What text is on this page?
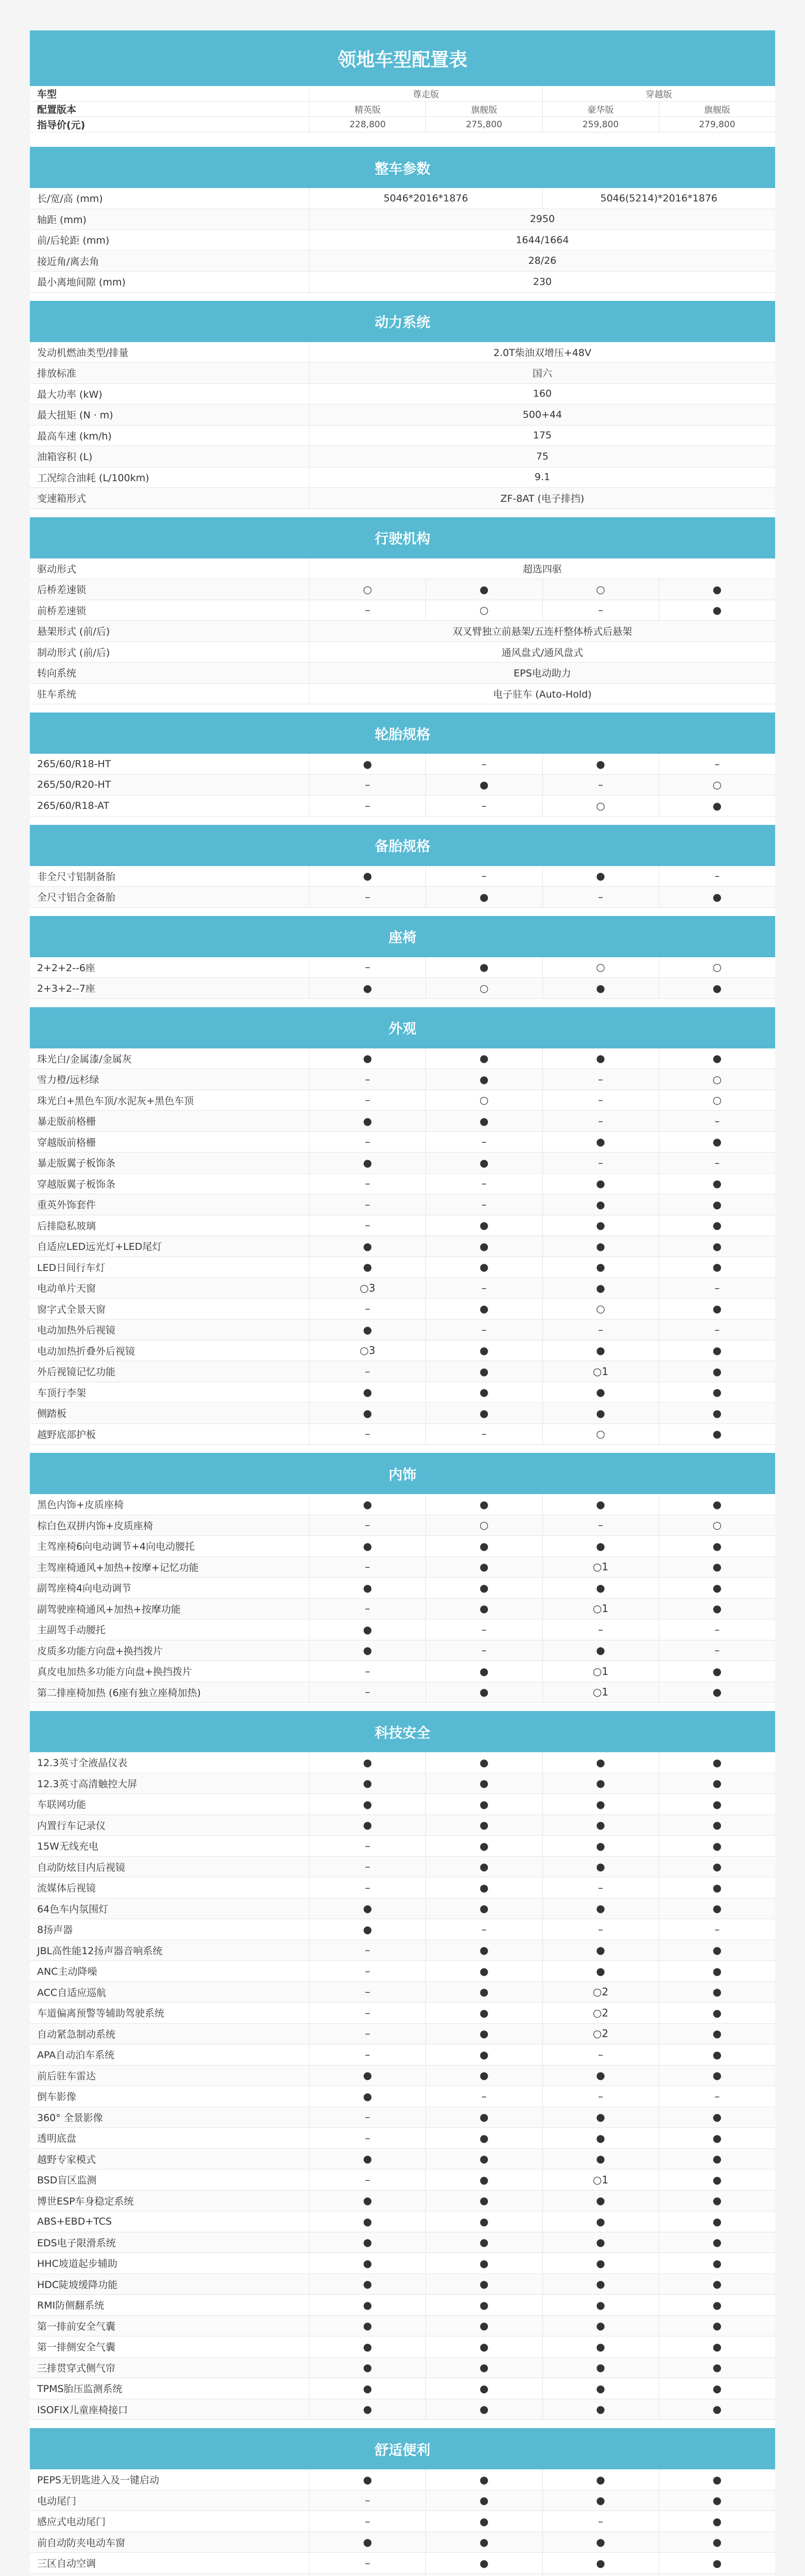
领地车型配置表
车型	尊走版	穿越版
配置版本	精英版	旗舰版	豪华版	旗舰版
指导价(元)	228,800	275,800	259,800	279,800
整车参数
长/宽/高 (mm)	5046*2016*1876	5046(5214)*2016*1876
轴距 (mm)	2950
前/后轮距 (mm)	1644/1664
接近角/离去角	28/26
最小离地间隙 (mm)	230
动力系统
发动机燃油类型/排量	2.0T柴油双增压+48V
排放标准	国六
最大功率 (kW)	160
最大扭矩 (N · m)	500+44
最高车速 (km/h)	175
油箱容积 (L)	75
工况综合油耗 (L/100km)	9.1
变速箱形式	ZF-8AT (电子排挡)
行驶机构
驱动形式	超选四驱
后桥差速锁	○	●	○	●
前桥差速锁	–	○	–	●
悬架形式 (前/后)	双叉臂独立前悬架/五连杆整体桥式后悬架
制动形式 (前/后)	通风盘式/通风盘式
转向系统	EPS电动助力
驻车系统	电子驻车 (Auto-Hold)
轮胎规格
265/60/R18-HT	●	–	●	–
265/50/R20-HT	–	●	–	○
265/60/R18-AT	–	–	○	●
备胎规格
非全尺寸铝制备胎	●	–	●	–
全尺寸铝合金备胎	–	●	–	●
座椅
2+2+2--6座	–	●	○	○
2+3+2--7座	●	○	●	●
外观
珠光白/金属漆/金属灰	●	●	●	●
雪力橙/远杉绿	–	●	–	○
珠光白+黑色车顶/水泥灰+黑色车顶	–	○	–	○
暴走版前格栅	●	●	–	–
穿越版前格栅	–	–	●	●
暴走版翼子板饰条	●	●	–	–
穿越版翼子板饰条	–	–	●	●
重英外饰套件	–	–	●	●
后排隐私玻璃	–	●	●	●
自适应LED远光灯+LED尾灯	●	●	●	●
LED日间行车灯	●	●	●	●
电动单片天窗	○3	–	●	–
窗字式全景天窗	–	●	○	●
电动加热外后视镜	●	–	–	–
电动加热折叠外后视镜	○3	●	●	●
外后视镜记忆功能	–	●	○1	●
车顶行李架	●	●	●	●
侧踏板	●	●	●	●
越野底部护板	–	–	○	●
内饰
黑色内饰+皮质座椅	●	●	●	●
棕白色双拼内饰+皮质座椅	–	○	–	○
主驾座椅6向电动调节+4向电动腰托	●	●	●	●
主驾座椅通风+加热+按摩+记忆功能	–	●	○1	●
副驾座椅4向电动调节	●	●	●	●
副驾驶座椅通风+加热+按摩功能	–	●	○1	●
主副驾手动腰托	●	–	–	–
皮质多功能方向盘+换挡拨片	●	–	●	–
真皮电加热多功能方向盘+换挡拨片	–	●	○1	●
第二排座椅加热 (6座有独立座椅加热)	–	●	○1	●
科技安全
12.3英寸全液晶仪表	●	●	●	●
12.3英寸高清触控大屏	●	●	●	●
车联网功能	●	●	●	●
内置行车记录仪	●	●	●	●
15W无线充电	–	●	●	●
自动防炫目内后视镜	–	●	●	●
流媒体后视镜	–	●	–	●
64色车内氛围灯	●	●	●	●
8扬声器	●	–	–	–
JBL高性能12扬声器音响系统	–	●	●	●
ANC主动降噪	–	●	●	●
ACC自适应巡航	–	●	○2	●
车道偏离预警等辅助驾驶系统	–	●	○2	●
自动紧急制动系统	–	●	○2	●
APA自动泊车系统	–	●	–	●
前后驻车雷达	●	●	●	●
倒车影像	●	–	–	–
360° 全景影像	–	●	●	●
透明底盘	–	●	●	●
越野专家模式	●	●	●	●
BSD盲区监测	–	●	○1	●
博世ESP车身稳定系统	●	●	●	●
ABS+EBD+TCS	●	●	●	●
EDS电子限滑系统	●	●	●	●
HHC坡道起步辅助	●	●	●	●
HDC陡坡缓降功能	●	●	●	●
RMI防侧翻系统	●	●	●	●
第一排前安全气囊	●	●	●	●
第一排侧安全气囊	●	●	●	●
三排贯穿式侧气帘	●	●	●	●
TPMS胎压监测系统	●	●	●	●
ISOFIX儿童座椅接口	●	●	●	●
舒适便利
PEPS无钥匙进入及一键启动	●	●	●	●
电动尾门	–	●	●	●
感应式电动尾门	–	●	–	●
前自动防夹电动车窗	●	●	●	●
三区自动空调	–	●	●	●
